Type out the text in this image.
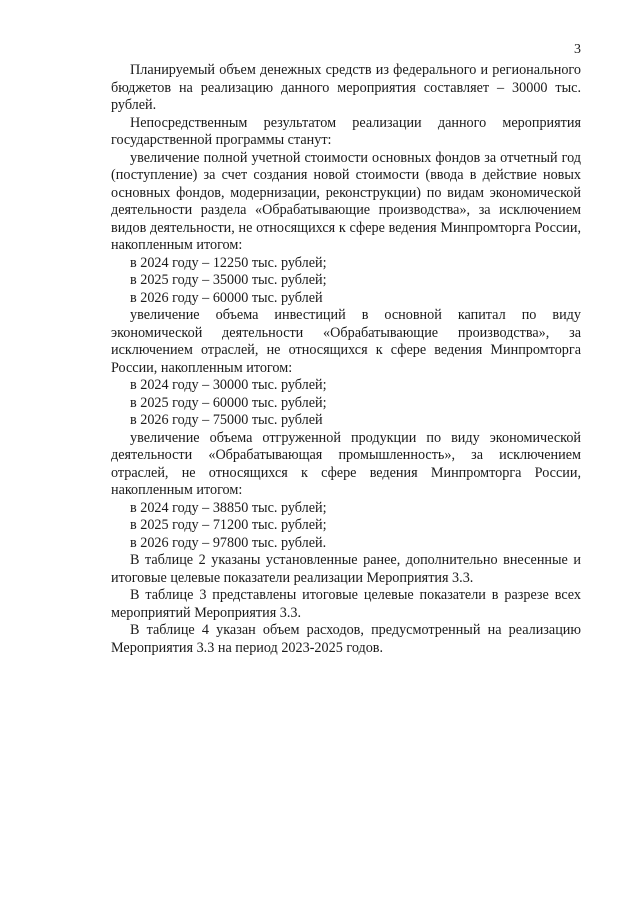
3

Планируемый объем денежных средств из федерального и регионального бюджетов на реализацию данного мероприятия составляет – 30000 тыс. рублей.

Непосредственным результатом реализации данного мероприятия государственной программы станут:

увеличение полной учетной стоимости основных фондов за отчетный год (поступление) за счет создания новой стоимости (ввода в действие новых основных фондов, модернизации, реконструкции) по видам экономической деятельности раздела «Обрабатывающие производства», за исключением видов деятельности, не относящихся к сфере ведения Минпромторга России, накопленным итогом:

в 2024 году – 12250 тыс. рублей;
в 2025 году – 35000 тыс. рублей;
в 2026 году – 60000 тыс. рублей

увеличение объема инвестиций в основной капитал по виду экономической деятельности «Обрабатывающие производства», за исключением отраслей, не относящихся к сфере ведения Минпромторга России, накопленным итогом:

в 2024 году – 30000 тыс. рублей;
в 2025 году – 60000 тыс. рублей;
в 2026 году – 75000 тыс. рублей

увеличение объема отгруженной продукции по виду экономической деятельности «Обрабатывающая промышленность», за исключением отраслей, не относящихся к сфере ведения Минпромторга России, накопленным итогом:

в 2024 году – 38850 тыс. рублей;
в 2025 году – 71200 тыс. рублей;
в 2026 году – 97800 тыс. рублей.

В таблице 2 указаны установленные ранее, дополнительно внесенные и итоговые целевые показатели реализации Мероприятия 3.3.

В таблице 3 представлены итоговые целевые показатели в разрезе всех мероприятий Мероприятия 3.3.

В таблице 4 указан объем расходов, предусмотренный на реализацию Мероприятия 3.3 на период 2023-2025 годов.
